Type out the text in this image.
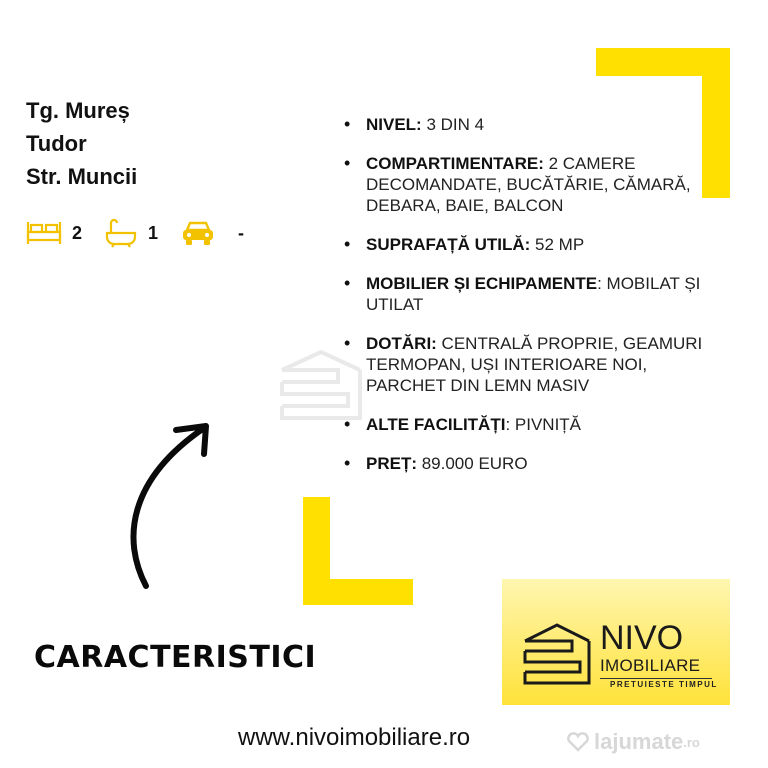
Tg. Mureș
Tudor
Str. Muncii
2	1	-
• NIVEL: 3 DIN 4
• COMPARTIMENTARE: 2 CAMERE DECOMANDATE, BUCĂTĂRIE, CĂMARĂ, DEBARA, BAIE, BALCON
• SUPRAFAȚĂ UTILĂ: 52 MP
• MOBILIER ȘI ECHIPAMENTE: MOBILAT ȘI UTILAT
• DOTĂRI: CENTRALĂ PROPRIE, GEAMURI TERMOPAN, UȘI INTERIOARE NOI, PARCHET DIN LEMN MASIV
• ALTE FACILITĂȚI: PIVNIȚĂ
• PREȚ: 89.000 EURO
CARACTERISTICI
NIVO
IMOBILIARE
PRETUIESTE TIMPUL
www.nivoimobiliare.ro	lajumate .ro
